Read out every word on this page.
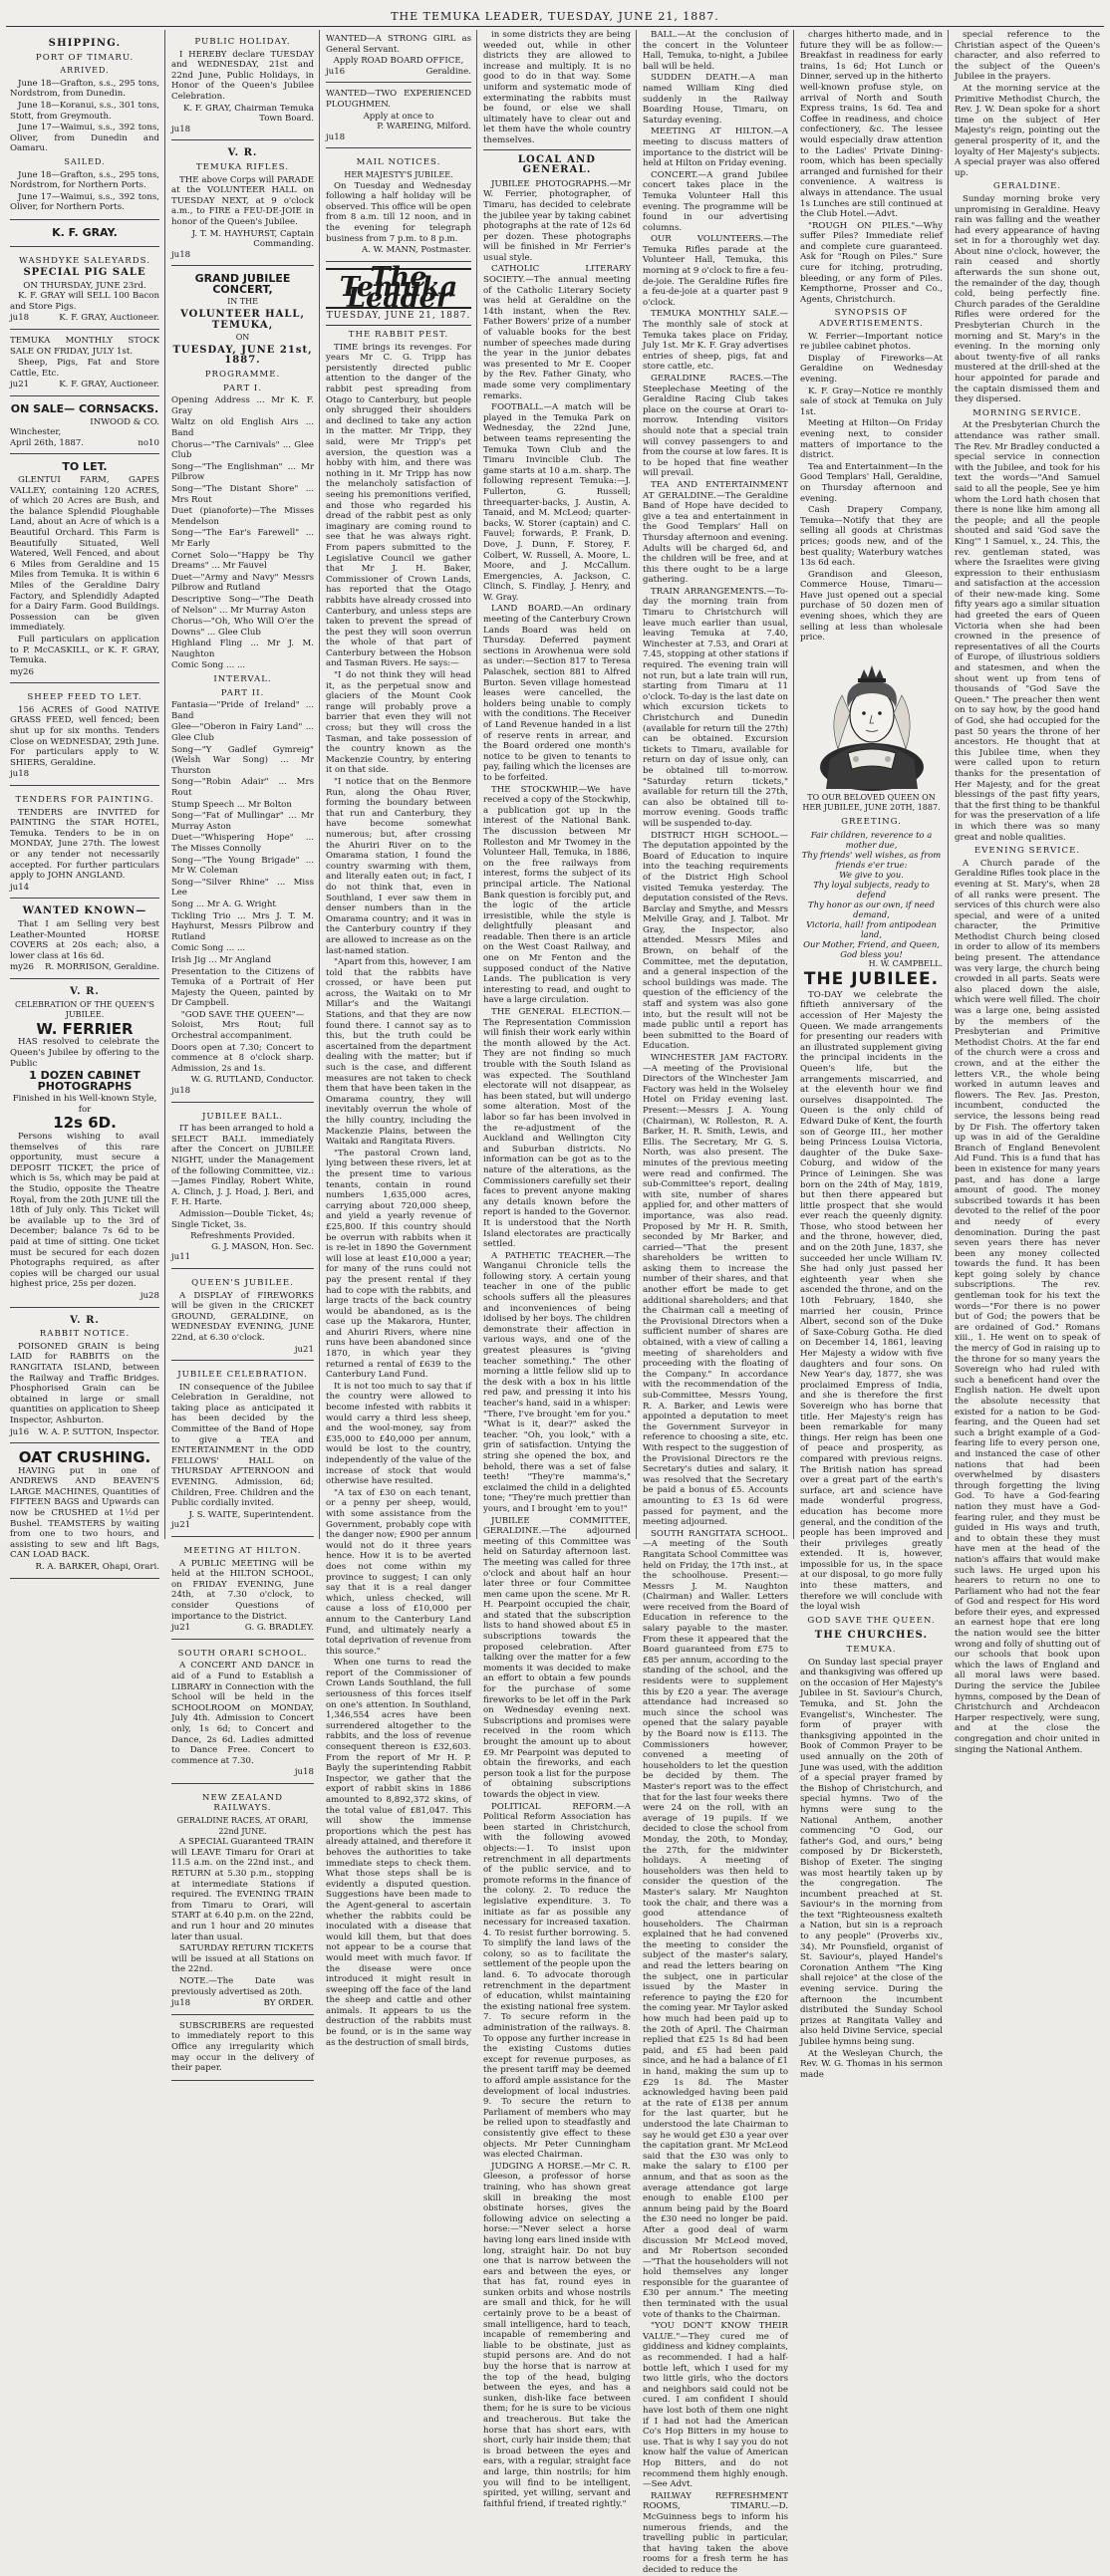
THE TEMUKA LEADER, TUESDAY, JUNE 21, 1887.
SHIPPING.
PORT OF TIMARU.
ARRIVED.

June 18—Grafton, s.s., 295 tons, Nordstrom, from Dunedin.

June 18—Koranui, s.s., 301 tons, Stott, from Greymouth.

June 17—Waimui, s.s., 392 tons, Oliver, from Dunedin and Oamaru.

SAILED.

June 18—Grafton, s.s., 295 tons, Nordstrom, for Northern Ports.

June 17—Waimui, s.s., 392 tons, Oliver, for Northern Ports.

K. F. GRAY.
WASHDYKE SALEYARDS.
SPECIAL PIG SALE
ON THURSDAY, JUNE 23rd.

K. F. GRAY will SELL 100 Bacon and Store Pigs.

ju18	K. F. GRAY, Auctioneer.

TEMUKA MONTHLY STOCK SALE ON FRIDAY, JULY 1st.

Sheep, Pigs, Fat and Store Cattle, Etc.

ju21	K. F. GRAY, Auctioneer.
ON SALE— CORNSACKS.
INWOOD & CO.
Winchester,
April 26th, 1887.	no10
TO LET.

GLENTUI FARM, GAPES VALLEY, containing 120 ACRES, of which 20 Acres are Bush, and the balance Splendid Ploughable Land, about an Acre of which is a Beautiful Orchard. This Farm is Beautifully Situated, Well Watered, Well Fenced, and about 6 Miles from Geraldine and 15 Miles from Temuka. It is within 6 Miles of the Geraldine Dairy Factory, and Splendidly Adapted for a Dairy Farm. Good Buildings. Possession can be given immediately.

Full particulars on application to P. McCASKILL, or K. F. GRAY, Temuka.

my26
SHEEP FEED TO LET.

156 ACRES of Good NATIVE GRASS FEED, well fenced; been shut up for six months. Tenders Close on WEDNESDAY, 29th June. For particulars apply to W. SHIERS, Geraldine.

ju18
TENDERS FOR PAINTING.

TENDERS are INVITED for PAINTING the STAR HOTEL, Temuka. Tenders to be in on MONDAY, June 27th. The lowest or any tender not necessarily accepted. For further particulars apply to JOHN ANGLAND.

ju14
WANTED KNOWN—

That I am Selling very best Leather-Mounted HORSE COVERS at 20s each; also, a lower class at 16s 6d.

my26 R. MORRISON, Geraldine.
V. R.
CELEBRATION OF THE QUEEN'S JUBILEE.
W. FERRIER

HAS resolved to celebrate the Queen's Jubilee by offering to the Public

1 DOZEN CABINET PHOTOGRAPHS
Finished in his Well-known Style, for
12s 6D.

Persons wishing to avail themselves of this rare opportunity, must secure a DEPOSIT TICKET, the price of which is 5s, which may be paid at the Studio, opposite the Theatre Royal, from the 20th JUNE till the 18th of July only. This Ticket will be available up to the 3rd of December; balance 7s 6d to be paid at time of sitting. One ticket must be secured for each dozen Photographs required, as after copies will be charged our usual highest price, 25s per dozen.

ju28
V. R.
RABBIT NOTICE.

POISONED GRAIN is being LAID for RABBITS on the RANGITATA ISLAND, between the Railway and Traffic Bridges. Phosphorised Grain can be obtained in large or small quantities on application to Sheep Inspector, Ashburton.

ju16 W. A. P. SUTTON, Inspector.
OAT CRUSHING.

HAVING put in one of ANDREWS AND BEAVEN'S LARGE MACHINES, Quantities of FIFTEEN BAGS and Upwards can now be CRUSHED at 1½d per Bushel. TEAMSTERS by waiting from one to two hours, and assisting to sew and lift Bags, CAN LOAD BACK.

R. A. BARKER, Ohapi, Orari.
PUBLIC HOLIDAY.

I HEREBY declare TUESDAY and WEDNESDAY, 21st and 22nd June, Public Holidays, in Honor of the Queen's Jubilee Celebration.

K. F. GRAY, Chairman Temuka Town Board.
ju18
V. R.
TEMUKA RIFLES.

THE above Corps will PARADE at the VOLUNTEER HALL on TUESDAY NEXT, at 9 o'clock a.m., to FIRE a FEU-DE-JOIE in honor of the Queen's Jubilee.

J. T. M. HAYHURST, Captain Commanding.
ju18
GRAND JUBILEE CONCERT,
IN THE
VOLUNTEER HALL, TEMUKA,
ON
TUESDAY, JUNE 21st, 1887.
PROGRAMME.
PART I.

Opening Address ... Mr K. F. Gray

Waltz on old English Airs ... Band

Chorus—"The Carnivals" ... Glee Club

Song—"The Englishman" ... Mr Pilbrow

Song—"The Distant Shore" ... Mrs Rout

Duet (pianoforte)—The Misses Mendelson

Song—"The Ear's Farewell" ... Mr Early

Cornet Solo—"Happy be Thy Dreams" ... Mr Fauvel

Duet—"Army and Navy" Messrs Pilbrow and Rutland

Descriptive Song—"The Death of Nelson" ... Mr Murray Aston

Chorus—"Oh, Who Will O'er the Downs" ... Glee Club

Highland Fling ... Mr J. M. Naughton

Comic Song ... ...

INTERVAL.
PART II.

Fantasia—"Pride of Ireland" ... Band

Glee—"Oberon in Fairy Land" ... Glee Club

Song—"Y Gadlef Gymreig" (Welsh War Song) ... Mr Thurston

Song—"Robin Adair" ... Mrs Rout

Stump Speech ... Mr Bolton

Song—"Fat of Mullingar" ... Mr Murray Aston

Duet—"Whispering Hope" ... The Misses Connolly

Song—"The Young Brigade" ... Mr W. Coleman

Song—"Silver Rhine" ... Miss Lee

Song ... Mr A. G. Wright

Tickling Trio ... Mrs J. T. M. Hayhurst, Messrs Pilbrow and Rutland

Comic Song ... ...

Irish Jig ... Mr Angland

Presentation to the Citizens of Temuka of a Portrait of Her Majesty the Queen, painted by Dr Campbell.

"GOD SAVE THE QUEEN"—

Soloist, Mrs Rout; full Orchestral accompaniment.

Doors open at 7.30; Concert to commence at 8 o'clock sharp. Admission, 2s and 1s.

W. G. RUTLAND, Conductor.
ju18
JUBILEE BALL.

IT has been arranged to hold a SELECT BALL immediately after the Concert on JUBILEE NIGHT, under the Management of the following Committee, viz.:—James Findlay, Robert White, A. Clinch, J. J. Hoad, J. Beri, and F. H. Harte.

Admission—Double Ticket, 4s; Single Ticket, 3s.

Refreshments Provided.
G. J. MASON, Hon. Sec.
ju11
QUEEN'S JUBILEE.

A DISPLAY of FIREWORKS will be given in the CRICKET GROUND, GERALDINE, on WEDNESDAY EVENING, JUNE 22nd, at 6.30 o'clock.

ju21
JUBILEE CELEBRATION.

IN consequence of the Jubilee Celebration in Geraldine, not taking place as anticipated it has been decided by the Committee of the Band of Hope to give a TEA and ENTERTAINMENT in the ODD FELLOWS' HALL on THURSDAY AFTERNOON and EVENING. Admission, 6d; Children, Free. Children and the Public cordially invited.

J. S. WAITE, Superintendent.
ju21
MEETING AT HILTON.

A PUBLIC MEETING will be held at the HILTON SCHOOL, on FRIDAY EVENING, June 24th, at 7.30 o'clock, to consider Questions of importance to the District.

ju21	G. G. BRADLEY.
SOUTH ORARI SCHOOL.

A CONCERT AND DANCE in aid of a Fund to Establish a LIBRARY in Connection with the School will be held in the SCHOOLROOM on MONDAY, July 4th. Admission to Concert only, 1s 6d; to Concert and Dance, 2s 6d. Ladies admitted to Dance Free. Concert to commence at 7.30.

ju18
NEW ZEALAND RAILWAYS.
GERALDINE RACES, AT ORARI, 22nd JUNE.

A SPECIAL Guaranteed TRAIN will LEAVE Timaru for Orari at 11.5 a.m. on the 22nd inst., and RETURN at 5.30 p.m., stopping at intermediate Stations if required. The EVENING TRAIN from Timaru to Orari, will START at 6.40 p.m. on the 22nd, and run 1 hour and 20 minutes later than usual.

SATURDAY RETURN TICKETS will be issued at all Stations on the 22nd.

NOTE.—The Date was previously advertised as 20th.

ju18	BY ORDER.

SUBSCRIBERS are requested to immediately report to this Office any irregularity which may occur in the delivery of their paper.

WANTED—A STRONG GIRL as General Servant.

Apply ROAD BOARD OFFICE,
ju16	Geraldine.

WANTED—TWO EXPERIENCED PLOUGHMEN.

Apply at once to
P. WAREING, Milford.
ju18
MAIL NOTICES.
HER MAJESTY'S JUBILEE.

On Tuesday and Wednesday following a half holiday will be observed. This office will be open from 8 a.m. till 12 noon, and in the evening for telegraph business from 7 p.m. to 8 p.m.

A. W. MANN, Postmaster.
The Temuka Leader
TUESDAY, JUNE 21, 1887.
THE RABBIT PEST.

TIME brings its revenges. For years Mr C. G. Tripp has persistently directed public attention to the danger of the rabbit pest spreading from Otago to Canterbury, but people only shrugged their shoulders and declined to take any action in the matter. Mr Tripp, they said, were Mr Tripp's pet aversion, the question was a hobby with him, and there was nothing in it. Mr Tripp has now the melancholy satisfaction of seeing his premonitions verified, and those who regarded his dread of the rabbit pest as only imaginary are coming round to see that he was always right. From papers submitted to the Legislative Council we gather that Mr J. H. Baker, Commissioner of Crown Lands, has reported that the Otago rabbits have already crossed into Canterbury, and unless steps are taken to prevent the spread of the pest they will soon overrun the whole of that part of Canterbury between the Hobson and Tasman Rivers. He says:—

"I do not think they will head it, as the perpetual snow and glaciers of the Mount Cook range will probably prove a barrier that even they will not cross; but they will cross the Tasman, and take possession of the country known as the Mackenzie Country, by entering it on that side.

"I notice that on the Benmore Run, along the Ohau River, forming the boundary between that run and Canterbury, they have become somewhat numerous; but, after crossing the Ahuriri River on to the Omarama station, I found the country swarming with them, and literally eaten out; in fact, I do not think that, even in Southland, I ever saw them in denser numbers than in the Omarama country; and it was in the Canterbury country if they are allowed to increase as on the last-named station.

"Apart from this, however, I am told that the rabbits have crossed, or have been put across, the Waitaki on to Mr Millar's and the Waitangi Stations, and that they are now found there. I cannot say as to this, but the truth could be ascertained from the department dealing with the matter; but if such is the case, and different measures are not taken to check them that have been taken in the Omarama country, they will inevitably overrun the whole of the hilly country, including the Mackenzie Plains, between the Waitaki and Rangitata Rivers.

"The pastoral Crown land, lying between these rivers, let at the present time to various tenants, contain in round numbers 1,635,000 acres, carrying about 720,000 sheep, and yield a yearly revenue of £25,800. If this country should be overrun with rabbits when it is re-let in 1890 the Government will lose at least £10,000 a year; for many of the runs could not pay the present rental if they had to cope with the rabbits, and large tracts of the back country would be abandoned, as is the case up the Makarora, Hunter, and Ahuriri Rivers, where nine runs have been abandoned since 1870, in which year they returned a rental of £639 to the Canterbury Land Fund.

It is not too much to say that if the country were allowed to become infested with rabbits it would carry a third less sheep, and the wool-money, say from £35,000 to £40,000 per annum, would be lost to the country, independently of the value of the increase of stock that would otherwise have resulted.

"A tax of £30 on each tenant, or a penny per sheep, would, with some assistance from the Government, probably cope with the danger now; £900 per annum would not do it three years hence. How it is to be averted does not come within my province to suggest; I can only say that it is a real danger which, unless checked, will cause a loss of £10,000 per annum to the Canterbury Land Fund, and ultimately nearly a total deprivation of revenue from this source."

When one turns to read the report of the Commissioner of Crown Lands Southland, the full seriousness of this forces itself on one's attention. In Southland, 1,346,554 acres have been surrendered altogether to the rabbits, and the loss of revenue consequent thereon is £32,603. From the report of Mr H. P. Bayly the superintending Rabbit Inspector, we gather that the export of rabbit skins in 1886 amounted to 8,892,372 skins, of the total value of £81,047. This will show the immense proportions which the pest has already attained, and therefore it behoves the authorities to take immediate steps to check them. What those steps shall be is evidently a disputed question. Suggestions have been made to the Agent-general to ascertain whether the rabbits could be inoculated with a disease that would kill them, but that does not appear to be a course that would meet with much favor. If the disease were once introduced it might result in sweeping off the face of the land the sheep and cattle and other animals. It appears to us the destruction of the rabbits must be found, or is in the same way as the destruction of small birds,

in some districts they are being weeded out, while in other districts they are allowed to increase and multiply. It is no good to do in that way. Some uniform and systematic mode of exterminating the rabbits must be found, or else we shall ultimately have to clear out and let them have the whole country themselves.

LOCAL AND GENERAL.

JUBILEE PHOTOGRAPHS.—Mr W. Ferrier, photographer, of Timaru, has decided to celebrate the jubilee year by taking cabinet photographs at the rate of 12s 6d per dozen. These photographs will be finished in Mr Ferrier's usual style.

CATHOLIC LITERARY SOCIETY.—The annual meeting of the Catholic Literary Society was held at Geraldine on the 14th instant, when the Rev. Father Bowers' prize of a number of valuable books for the best number of speeches made during the year in the junior debates was presented to Mr E. Cooper by the Rev. Father Ginaty, who made some very complimentary remarks.

FOOTBALL.—A match will be played in the Temuka Park on Wednesday, the 22nd June, between teams representing the Temuka Town Club and the Timaru Invincible Club. The game starts at 10 a.m. sharp. The following represent Temuka:—J. Fullerton, G. Russell; threequarter-backs, J. Austin, A. Tanaid, and M. McLeod; quarter-backs, W. Storer (captain) and C. Fauvel; forwards, P. Frank, D. Dove, J. Dunn, F. Storey, F. Colbert, W. Russell, A. Moore, L. Moore, and J. McCallum. Emergencies, A. Jackson, C. Clinch, S. Findlay, J. Henry, and W. Gray.

LAND BOARD.—An ordinary meeting of the Canterbury Crown Lands Board was held on Thursday. Deferred payment sections in Arowhenua were sold as under:—Section 817 to Teresa Palaschek, section 881 to Alfred Burton. Seven village homestead leases were cancelled, the holders being unable to comply with the conditions. The Receiver of Land Revenue handed in a list of reserve rents in arrear, and the Board ordered one month's notice to be given to tenants to pay, failing which the licenses are to be forfeited.

THE STOCKWHIP.—We have received a copy of the Stockwhip, a publication got up in the interest of the National Bank. The discussion between Mr Rolleston and Mr Twomey in the Volunteer Hall, Temuka, in 1886, on the free railways from interest, forms the subject of its principal article. The National Bank question is forcibly put, and the logic of the article irresistible, while the style is delightfully pleasant and readable. Then there is an article on the West Coast Railway, and one on Mr Fenton and the supposed conduct of the Native Lands. The publication is very interesting to read, and ought to have a large circulation.

THE GENERAL ELECTION.—The Representation Commission will finish their work early within the month allowed by the Act. They are not finding so much trouble with the South Island as was expected. The Southland electorate will not disappear, as has been stated, but will undergo some alteration. Most of the labor so far has been involved in the re-adjustment of the Auckland and Wellington City and Suburban districts. No information can be got as to the nature of the alterations, as the Commissioners carefully set their faces to prevent anyone making any details known before the report is handed to the Governor. It is understood that the North Island electorates are practically settled.

A PATHETIC TEACHER.—The Wanganui Chronicle tells the following story. A certain young teacher in one of the public schools suffers all the pleasures and inconveniences of being idolised by her boys. The children demonstrate their affection in various ways, and one of the greatest pleasures is "giving teacher something." The other morning a little fellow slid up to the desk with a box in his little red paw, and pressing it into his teacher's hand, said in a whisper: "There, I've brought 'em for you." "What is it, dear?" asked the teacher. "Oh, you look," with a grin of satisfaction. Untying the string she opened the box, and behold, there was a set of false teeth! "They're mamma's," exclaimed the child in a delighted tone; "They're much prettier than yours, and I brought 'em to you!"

JUBILEE COMMITTEE, GERALDINE.—The adjourned meeting of this Committee was held on Saturday afternoon last. The meeting was called for three o'clock and about half an hour later three or four Committee men came upon the scene. Mr R. H. Pearpoint occupied the chair, and stated that the subscription lists to hand showed about £5 in subscriptions towards the proposed celebration. After talking over the matter for a few moments it was decided to make an effort to obtain a few pounds for the purchase of some fireworks to be let off in the Park on Wednesday evening next. Subscriptions and promises were received in the room which brought the amount up to about £9. Mr Pearpoint was deputed to obtain the fireworks, and each person took a list for the purpose of obtaining subscriptions towards the object in view.

POLITICAL REFORM.—A Political Reform Association has been started in Christchurch, with the following avowed objects:—1. To insist upon retrenchment in all departments of the public service, and to promote reforms in the finance of the colony. 2. To reduce the legislative expenditure. 3. To initiate as far as possible any necessary for increased taxation. 4. To resist further borrowing. 5. To simplify the land laws of the colony, so as to facilitate the settlement of the people upon the land. 6. To advocate thorough retrenchment in the department of education, whilst maintaining the existing national free system. 7. To secure reform in the administration of the railways. 8. To oppose any further increase in the existing Customs duties except for revenue purposes, as the present tariff may be deemed to afford ample assistance for the development of local industries. 9. To secure the return to Parliament of members who may be relied upon to steadfastly and consistently give effect to these objects. Mr Peter Cunningham was elected Chairman.

JUDGING A HORSE.—Mr C. R. Gleeson, a professor of horse training, who has shown great skill in breaking the most obstinate horses, gives the following advice on selecting a horse:—"Never select a horse having long ears lined inside with long, straight hair. Do not buy one that is narrow between the ears and between the eyes, or that has fat, round eyes in sunken orbits and whose nostrils are small and thick, for he will certainly prove to be a beast of small intelligence, hard to teach, incapable of remembering and liable to be obstinate, just as stupid persons are. And do not buy the horse that is narrow at the top of the head, bulging between the eyes, and has a sunken, dish-like face between them; for he is sure to be vicious and treacherous. But take the horse that has short ears, with short, curly hair inside them; that is broad between the eyes and ears, with a regular, straight face and large, thin nostrils; for him you will find to be intelligent, spirited, yet willing, servant and faithful friend, if treated rightly."

BALL.—At the conclusion of the concert in the Volunteer Hall, Temuka, to-night, a Jubilee ball will be held.

SUDDEN DEATH.—A man named William King died suddenly in the Railway Boarding House, Timaru, on Saturday evening.

MEETING AT HILTON.—A meeting to discuss matters of importance to the district will be held at Hilton on Friday evening.

CONCERT.—A grand Jubilee concert takes place in the Temuka Volunteer Hall this evening. The programme will be found in our advertising columns.

OUR VOLUNTEERS.—The Temuka Rifles parade at the Volunteer Hall, Temuka, this morning at 9 o'clock to fire a feu-de-joie. The Geraldine Rifles fire a feu-de-joie at a quarter past 9 o'clock.

TEMUKA MONTHLY SALE.—The monthly sale of stock at Temuka takes place on Friday, July 1st. Mr K. F. Gray advertises entries of sheep, pigs, fat and store cattle, etc.

GERALDINE RACES.—The Steeplechase Meeting of the Geraldine Racing Club takes place on the course at Orari to-morrow. Intending visitors should note that a special train will convey passengers to and from the course at low fares. It is to be hoped that fine weather will prevail.

TEA AND ENTERTAINMENT AT GERALDINE.—The Geraldine Band of Hope have decided to give a tea and entertainment in the Good Templars' Hall on Thursday afternoon and evening. Adults will be charged 6d, and the children will be free, and at this there ought to be a large gathering.

TRAIN ARRANGEMENTS.—To-day the morning train from Timaru to Christchurch will leave much earlier than usual, leaving Temuka at 7.40, Winchester at 7.53, and Orari at 7.45, stopping at other stations if required. The evening train will not run, but a late train will run, starting from Timaru at 11 o'clock. To-day is the last date on which excursion tickets to Christchurch and Dunedin (available for return till the 27th) can be obtained. Excursion tickets to Timaru, available for return on day of issue only, can be obtained till to-morrow. "Saturday return tickets," available for return till the 27th, can also be obtained till to-morrow evening. Goods traffic will be suspended to-day.

DISTRICT HIGH SCHOOL.—The deputation appointed by the Board of Education to inquire into the teaching requirements of the District High School visited Temuka yesterday. The deputation consisted of the Revs. Barclay and Smythe, and Messrs Melville Gray, and J. Talbot. Mr Gray, the Inspector, also attended. Messrs Miles and Brown, on behalf of the Committee, met the deputation, and a general inspection of the school buildings was made. The question of the efficiency of the staff and system was also gone into, but the result will not be made public until a report has been submitted to the Board of Education.

WINCHESTER JAM FACTORY.—A meeting of the Provisional Directors of the Winchester Jam Factory was held in the Wolseley Hotel on Friday evening last. Present:—Messrs J. A. Young (Chairman), W. Rolleston, R. A. Barker, H. R. Smith, Lewis, and Ellis. The Secretary, Mr G. S. North, was also present. The minutes of the previous meeting were read and confirmed. The sub-Committee's report, dealing with site, number of shares applied for, and other matters of importance, was also read. Proposed by Mr H. R. Smith, seconded by Mr Barker, and carried—"That the present shareholders be written to asking them to increase the number of their shares, and that another effort be made to get additional shareholders; and that the Chairman call a meeting of the Provisional Directors when a sufficient number of shares are obtained, with a view of calling a meeting of shareholders and proceeding with the floating of the Company." In accordance with the recommendation of the sub-Committee, Messrs Young, R. A. Barker, and Lewis were appointed a deputation to meet the Government Surveyor in reference to choosing a site, etc. With respect to the suggestion of the Provisional Directors re the Secretary's duties and salary, it was resolved that the Secretary be paid a bonus of £5. Accounts amounting to £3 1s 6d were passed for payment, and the meeting adjourned.

SOUTH RANGITATA SCHOOL.—A meeting of the South Rangitata School Committee was held on Friday, the 17th inst., at the schoolhouse. Present:—Messrs J. M. Naughton (Chairman) and Waller. Letters were received from the Board of Education in reference to the salary payable to the master. From these it appeared that the Board guaranteed from £75 to £85 per annum, according to the standing of the school, and the residents were to supplement this by £20 a year. The average attendance had increased so much since the school was opened that the salary payable by the Board now is £113. The Commissioners however, convened a meeting of householders to let the question be decided by them. The Master's report was to the effect that for the last four weeks there were 24 on the roll, with an average of 19 pupils. If we decided to close the school from Monday, the 20th, to Monday, the 27th, for the midwinter holidays. A meeting of householders was then held to consider the question of the Master's salary. Mr Naughton took the chair, and there was a good attendance of householders. The Chairman explained that he had convened the meeting to consider the subject of the master's salary, and read the letters bearing on the subject, one in particular issued by the Master in reference to paying the £20 for the coming year. Mr Taylor asked how much had been paid up to the 20th of April. The Chairman replied that £25 1s 8d had been paid, and £5 had been paid since, and he had a balance of £1 in hand, making the sum up to £29 1s 8d. The Master acknowledged having been paid at the rate of £138 per annum for the last quarter, but he understood the late Chairman to say he would get £30 a year over the capitation grant. Mr McLeod said that the £30 was only to make the salary to £100 per annum, and that as soon as the average attendance got large enough to enable £100 per annum being paid by the Board the £30 need no longer be paid. After a good deal of warm discussion Mr McLeod moved, and Mr Robertson seconded—"That the householders will not hold themselves any longer responsible for the guarantee of £30 per annum." The meeting then terminated with the usual vote of thanks to the Chairman.

"YOU DON'T KNOW THEIR VALUE."—They cured me of giddiness and kidney complaints, as recommended. I had a half-bottle left, which I used for my two little girls, who the doctors and neighbors said could not be cured. I am confident I should have lost both of them one night if I had not had the American Co's Hop Bitters in my house to use. That is why I say you do not know half the value of American Hop Bitters, and do not recommend them highly enough.—See Advt.

RAILWAY REFRESHMENT ROOMS, TIMARU.—D. McGuinness begs to inform his numerous friends, and the travelling public in particular, that having taken the above rooms for a fresh term he has decided to reduce the

charges hitherto made, and in future they will be as follow:—Breakfast in readiness for early trains, 1s 6d; Hot Lunch or Dinner, served up in the hitherto well-known profuse style, on arrival of North and South Express trains, 1s 6d. Tea and Coffee in readiness, and choice confectionery, &c. The lessee would especially draw attention to the Ladies' Private Dining-room, which has been specially arranged and furnished for their convenience. A waitress is always in attendance. The usual 1s Lunches are still continued at the Club Hotel.—Advt.

"ROUGH ON PILES."—Why suffer Piles? Immediate relief and complete cure guaranteed. Ask for "Rough on Piles." Sure cure for itching, protruding, bleeding, or any form of Piles. Kempthorne, Prosser and Co., Agents, Christchurch.

SYNOPSIS OF ADVERTISEMENTS.

W. Ferrier—Important notice re jubilee cabinet photos.

Display of Fireworks—At Geraldine on Wednesday evening.

K. F. Gray—Notice re monthly sale of stock at Temuka on July 1st.

Meeting at Hilton—On Friday evening next, to consider matters of importance to the district.

Tea and Entertainment—In the Good Templars' Hall, Geraldine, on Thursday afternoon and evening.

Cash Drapery Company, Temuka—Notify that they are selling all goods at Christmas prices; goods new, and of the best quality; Waterbury watches 13s 6d each.

Grandison and Gleeson, Commerce House, Timaru—Have just opened out a special purchase of 50 dozen men of evening shoes, which they are selling at less than wholesale price.

TO OUR BELOVED QUEEN ON HER JUBILEE, JUNE 20TH, 1887.
GREETING.
Fair children, reverence to a mother due,
Thy friends' well wishes, as from friends e'er true:
We give to you.
Thy loyal subjects, ready to defend
Thy honor as our own, if need demand,
Victoria, hail! from antipodean land,
Our Mother, Friend, and Queen,
God bless you!
H. W. CAMPBELL.
THE JUBILEE.

TO-DAY we celebrate the fiftieth anniversary of the accession of Her Majesty the Queen. We made arrangements for presenting our readers with an illustrated supplement giving the principal incidents in the Queen's life, but the arrangements miscarried, and at the eleventh hour we find ourselves disappointed. The Queen is the only child of Edward Duke of Kent, the fourth son of George III., her mother being Princess Louisa Victoria, daughter of the Duke Saxe-Coburg, and widow of the Prince of Leiningen. She was born on the 24th of May, 1819, but then there appeared but little prospect that she would ever reach the queenly dignity. Those, who stood between her and the throne, however, died, and on the 20th June, 1837, she succeeded her uncle William IV. She had only just passed her eighteenth year when she ascended the throne, and on the 10th February, 1840, she married her cousin, Prince Albert, second son of the Duke of Saxe-Coburg Gotha. He died on December 14, 1861, leaving Her Majesty a widow with five daughters and four sons. On New Year's day, 1877, she was proclaimed Empress of India, and she is therefore the first Sovereign who has borne that title. Her Majesty's reign has been remarkable for many things. Her reign has been one of peace and prosperity, as compared with previous reigns. The British nation has spread over a great part of the earth's surface, art and science have made wonderful progress, education has become more general, and the condition of the people has been improved and their privileges greatly extended. It is, however, impossible for us, in the space at our disposal, to go more fully into these matters, and therefore we will conclude with the loyal wish

GOD SAVE THE QUEEN.
THE CHURCHES.
TEMUKA.

On Sunday last special prayer and thanksgiving was offered up on the occasion of Her Majesty's Jubilee in St. Saviour's Church, Temuka, and St. John the Evangelist's, Winchester. The form of prayer with thanksgiving appointed in the Book of Common Prayer to be used annually on the 20th of June was used, with the addition of a special prayer framed by the Bishop of Christchurch, and special hymns. Two of the hymns were sung to the National Anthem, another commencing "O God, our father's God, and ours," being composed by Dr Bickersteth, Bishop of Exeter. The singing was most heartily taken up by the congregation. The incumbent preached at St. Saviour's in the morning from the text "Righteousness exalteth a Nation, but sin is a reproach to any people" (Proverbs xiv., 34). Mr Pounsfield, organist of St. Saviour's, played Handel's Coronation Anthem "The King shall rejoice" at the close of the evening service. During the afternoon the incumbent distributed the Sunday School prizes at Rangitata Valley and also held Divine Service, special Jubilee hymns being sung.

At the Wesleyan Church, the Rev. W. G. Thomas in his sermon made

special reference to the Christian aspect of the Queen's character, and also referred to the subject of the Queen's Jubilee in the prayers.

At the morning service at the Primitive Methodist Church, the Rev. J. W. Dean spoke for a short time on the subject of Her Majesty's reign, pointing out the general prosperity of it, and the loyalty of Her Majesty's subjects. A special prayer was also offered up.

GERALDINE.

Sunday morning broke very unpromising in Geraldine. Heavy rain was falling and the weather had every appearance of having set in for a thoroughly wet day. About nine o'clock, however, the rain ceased and shortly afterwards the sun shone out, the remainder of the day, though cold, being perfectly fine. Church parades of the Geraldine Rifles were ordered for the Presbyterian Church in the morning and St. Mary's in the evening. In the morning only about twenty-five of all ranks mustered at the drill-shed at the hour appointed for parade and the captain dismissed them and they dispersed.

MORNING SERVICE.

At the Presbyterian Church the attendance was rather small. The Rev. Mr Bradley conducted a special service in connection with the Jubilee, and took for his text the words—"And Samuel said to all the people, See ye him whom the Lord hath chosen that there is none like him among all the people; and all the people shouted and said 'God save the King'" 1 Samuel, x., 24. This, the rev. gentleman stated, was where the Israelites were giving expression to their enthusiasm and satisfaction at the accession of their new-made king. Some fifty years ago a similar situation had greeted the ears of Queen Victoria when she had been crowned in the presence of representatives of all the Courts of Europe, of illustrious soldiers and statesmen, and when the shout went up from tens of thousands of "God Save the Queen." The preacher then went on to say how, by the good hand of God, she had occupied for the past 50 years the throne of her ancestors. He thought that at this Jubilee time, when they were called upon to return thanks for the presentation of Her Majesty, and for the great blessings of the past fifty years, that the first thing to be thankful for was the preservation of a life in which there was so many great and noble qualities.

EVENING SERVICE.

A Church parade of the Geraldine Rifles took place in the evening at St. Mary's, when 28 of all ranks were present. The services of this church were also special, and were of a united character, the Primitive Methodist Church being closed in order to allow of its members being present. The attendance was very large, the church being crowded in all parts. Seats were also placed down the aisle, which were well filled. The choir was a large one, being assisted by the members of the Presbyterian and Primitive Methodist Choirs. At the far end of the church were a cross and crown, and at the either the letters V.R., the whole being worked in autumn leaves and flowers. The Rev. Jas. Preston, incumbent, conducted the service, the lessons being read by Dr Fish. The offertory taken up was in aid of the Geraldine Branch of England Benevolent Aid Fund. This is a fund that has been in existence for many years past, and has done a large amount of good. The money subscribed towards it has been devoted to the relief of the poor and needy of every denomination. During the past seven years there has never been any money collected towards the fund. It has been kept going solely by chance subscriptions. The rev. gentleman took for his text the words—"For there is no power but of God; the powers that be are ordained of God." Romans xiii., 1. He went on to speak of the mercy of God in raising up to the throne for so many years the Sovereign who had ruled with such a beneficent hand over the English nation. He dwelt upon the absolute necessity that existed for a nation to be God-fearing, and the Queen had set such a bright example of a God-fearing life to every person one, and instanced the case of other nations that had been overwhelmed by disasters through forgetting the living God. To have a God-fearing nation they must have a God-fearing ruler, and they must be guided in His ways and truth, and to obtain these they must have men at the head of the nation's affairs that would make such laws. He urged upon his hearers to return no one to Parliament who had not the fear of God and respect for His word before their eyes, and expressed an earnest hope that ere long the nation would see the bitter wrong and folly of shutting out of our schools that book upon which the laws of England and all moral laws were based. During the service the Jubilee hymns, composed by the Dean of Christchurch and Archdeacon Harper respectively, were sung, and at the close the congregation and choir united in singing the National Anthem.
